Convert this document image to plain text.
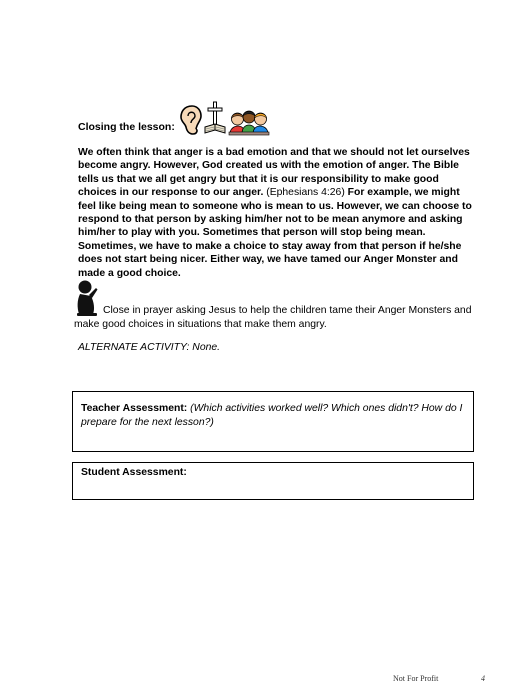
Closing the lesson:
We often think that anger is a bad emotion and that we should not let ourselves become angry. However, God created us with the emotion of anger. The Bible tells us that we all get angry but that it is our responsibility to make good choices in our response to our anger. (Ephesians 4:26) For example, we might feel like being mean to someone who is mean to us. However, we can choose to respond to that person by asking him/her not to be mean anymore and asking him/her to play with you. Sometimes that person will stop being mean. Sometimes, we have to make a choice to stay away from that person if he/she does not start being nicer. Either way, we have tamed our Anger Monster and made a good choice.
Close in prayer asking Jesus to help the children tame their Anger Monsters and make good choices in situations that make them angry.
ALTERNATE ACTIVITY: None.
Teacher Assessment: (Which activities worked well? Which ones didn't? How do I prepare for the next lesson?)
Student Assessment:
Not For Profit	4
